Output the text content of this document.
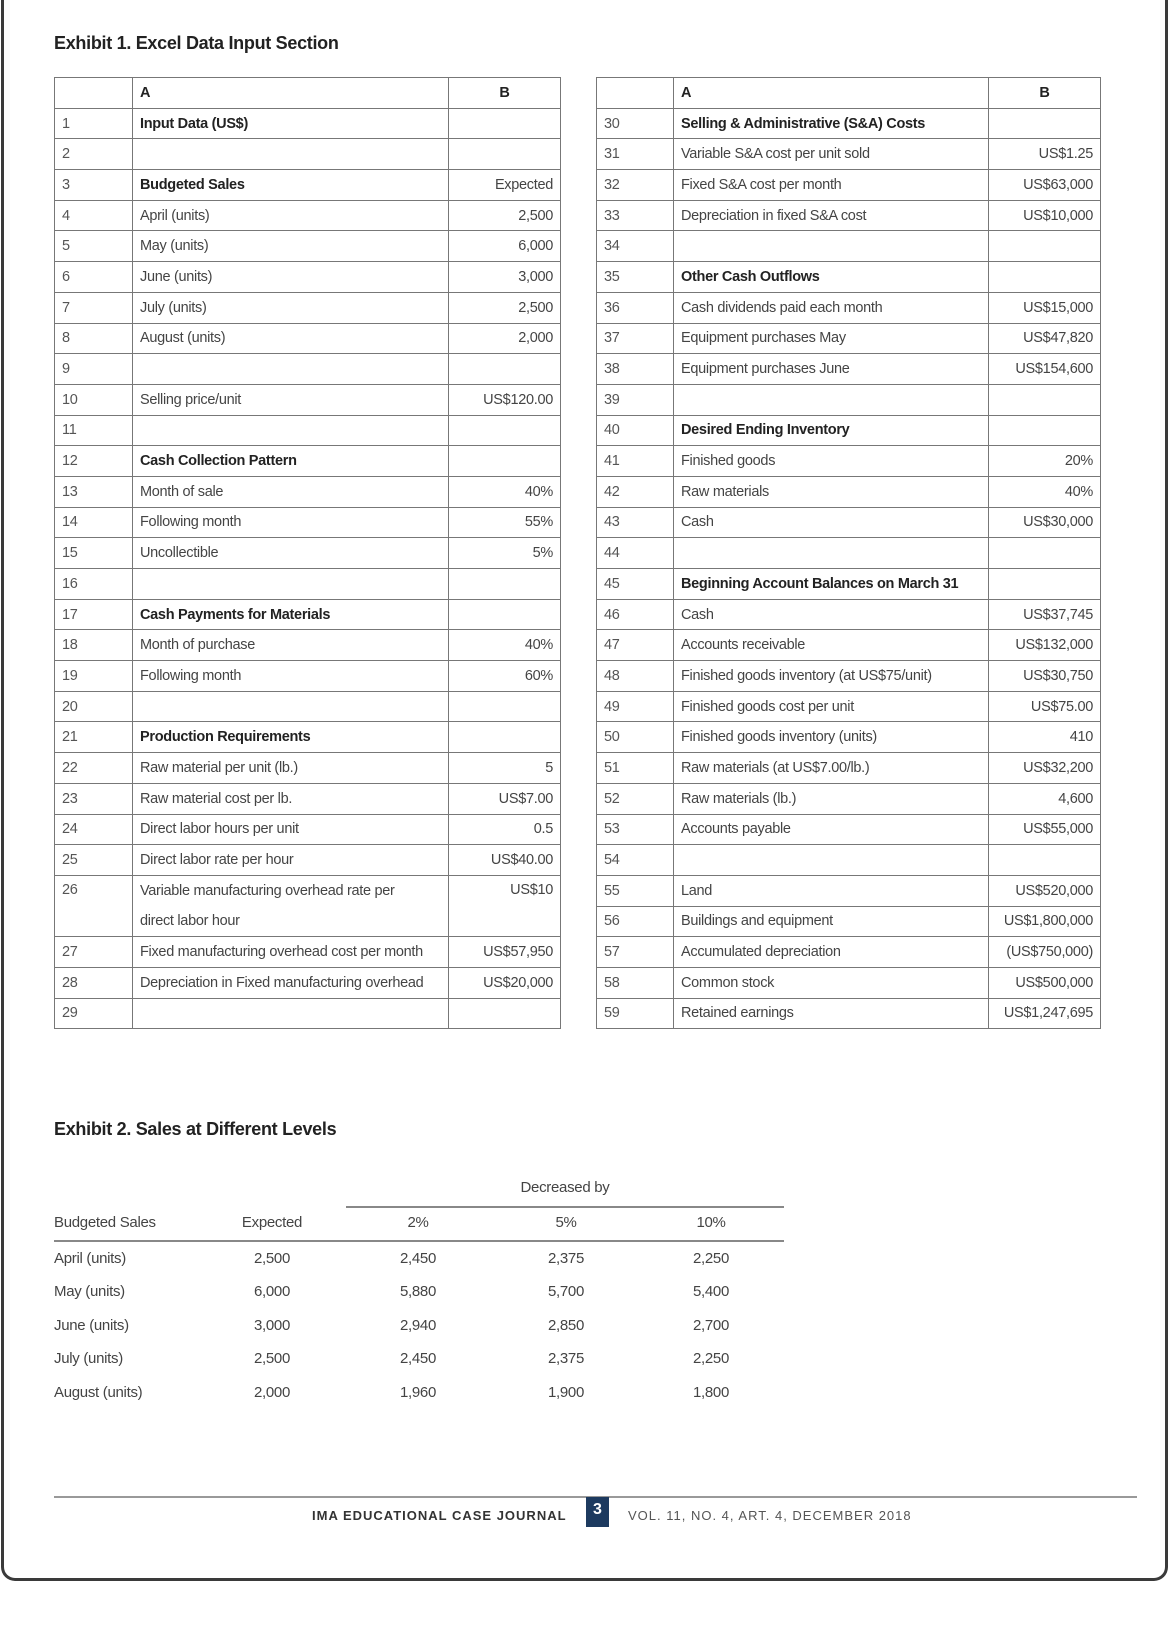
Exhibit 1. Excel Data Input Section
	A	B
1	Input Data (US$)	
2		
3	Budgeted Sales	Expected
4	April (units)	2,500
5	May (units)	6,000
6	June (units)	3,000
7	July (units)	2,500
8	August (units)	2,000
9		
10	Selling price/unit	US$120.00
11		
12	Cash Collection Pattern	
13	Month of sale	40%
14	Following month	55%
15	Uncollectible	5%
16		
17	Cash Payments for Materials	
18	Month of purchase	40%
19	Following month	60%
20		
21	Production Requirements	
22	Raw material per unit (lb.)	5
23	Raw material cost per lb.	US$7.00
24	Direct labor hours per unit	0.5
25	Direct labor rate per hour	US$40.00
26	Variable manufacturing overhead rate per	US$10
	direct labor hour	
27	Fixed manufacturing overhead cost per month	US$57,950
28	Depreciation in Fixed manufacturing overhead	US$20,000
29		
	A	B
30	Selling & Administrative (S&A) Costs	
31	Variable S&A cost per unit sold	US$1.25
32	Fixed S&A cost per month	US$63,000
33	Depreciation in fixed S&A cost	US$10,000
34		
35	Other Cash Outflows	
36	Cash dividends paid each month	US$15,000
37	Equipment purchases May	US$47,820
38	Equipment purchases June	US$154,600
39		
40	Desired Ending Inventory	
41	Finished goods	20%
42	Raw materials	40%
43	Cash	US$30,000
44		
45	Beginning Account Balances on March 31	
46	Cash	US$37,745
47	Accounts receivable	US$132,000
48	Finished goods inventory (at US$75/unit)	US$30,750
49	Finished goods cost per unit	US$75.00
50	Finished goods inventory (units)	410
51	Raw materials (at US$7.00/lb.)	US$32,200
52	Raw materials (lb.)	4,600
53	Accounts payable	US$55,000
54		
55	Land	US$520,000
56	Buildings and equipment	US$1,800,000
57	Accumulated depreciation	(US$750,000)
58	Common stock	US$500,000
59	Retained earnings	US$1,247,695
Exhibit 2. Sales at Different Levels
Decreased by
Budgeted Sales	Expected	2%	5%	10%
April (units)	2,500	2,450	2,375	2,250
May (units)	6,000	5,880	5,700	5,400
June (units)	3,000	2,940	2,850	2,700
July (units)	2,500	2,450	2,375	2,250
August (units)	2,000	1,960	1,900	1,800
IMA EDUCATIONAL CASE JOURNAL	3	VOL. 11, NO. 4, ART. 4, DECEMBER 2018
